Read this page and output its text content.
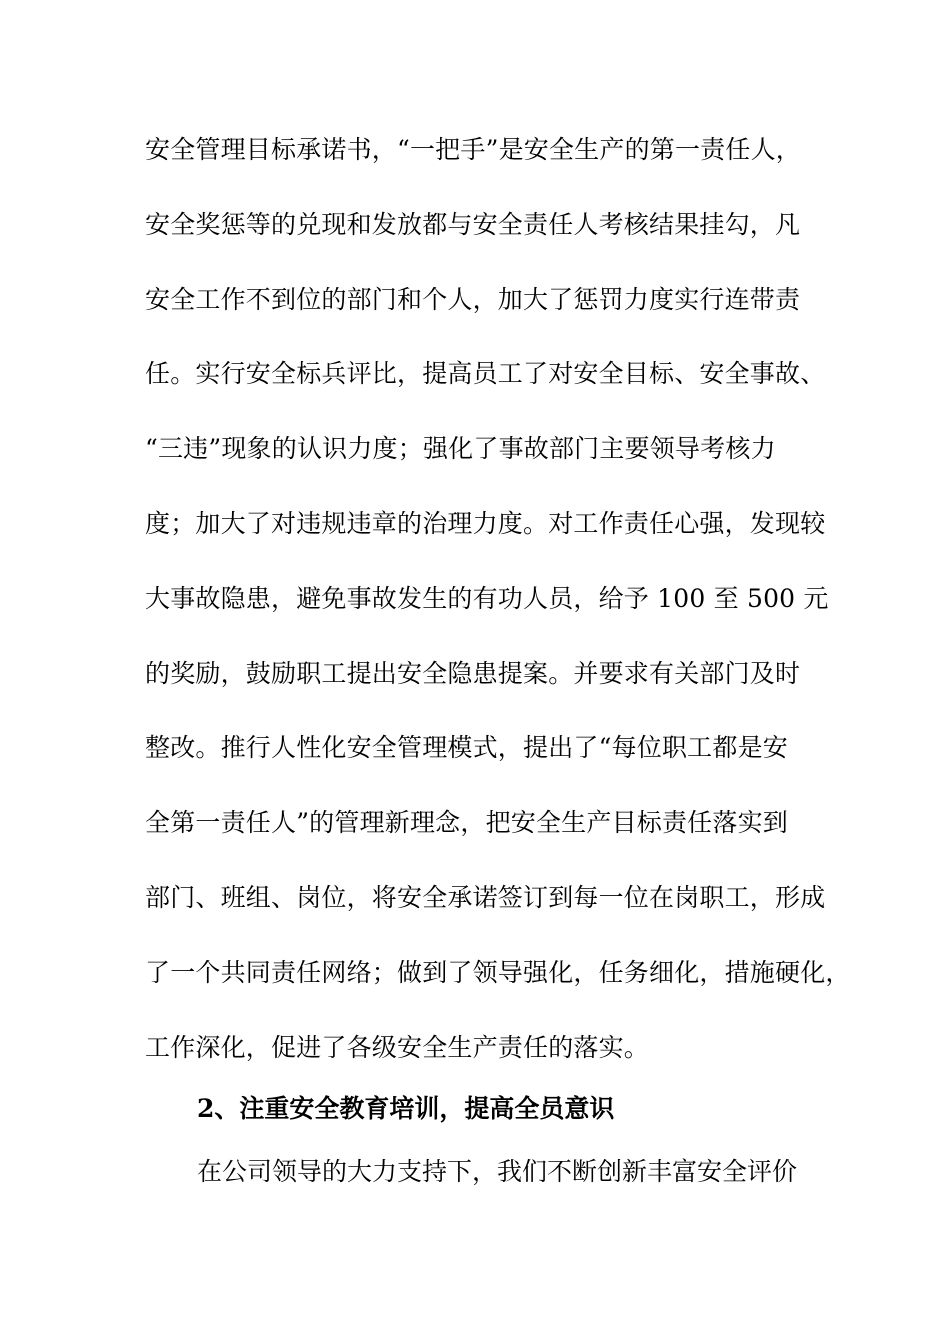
安全管理目标承诺书，“一把手”是安全生产的第一责任人，
安全奖惩等的兑现和发放都与安全责任人考核结果挂勾，凡
安全工作不到位的部门和个人，加大了惩罚力度实行连带责
任。实行安全标兵评比，提高员工了对安全目标、安全事故、
“三违”现象的认识力度；强化了事故部门主要领导考核力
度；加大了对违规违章的治理力度。对工作责任心强，发现较
大事故隐患，避免事故发生的有功人员，给予 100 至 500 元
的奖励，鼓励职工提出安全隐患提案。并要求有关部门及时
整改。推行人性化安全管理模式，提出了“每位职工都是安
全第一责任人”的管理新理念，把安全生产目标责任落实到
部门、班组、岗位，将安全承诺签订到每一位在岗职工，形成
了一个共同责任网络；做到了领导强化，任务细化，措施硬化，
工作深化，促进了各级安全生产责任的落实。
2、注重安全教育培训，提高全员意识
在公司领导的大力支持下，我们不断创新丰富安全评价
